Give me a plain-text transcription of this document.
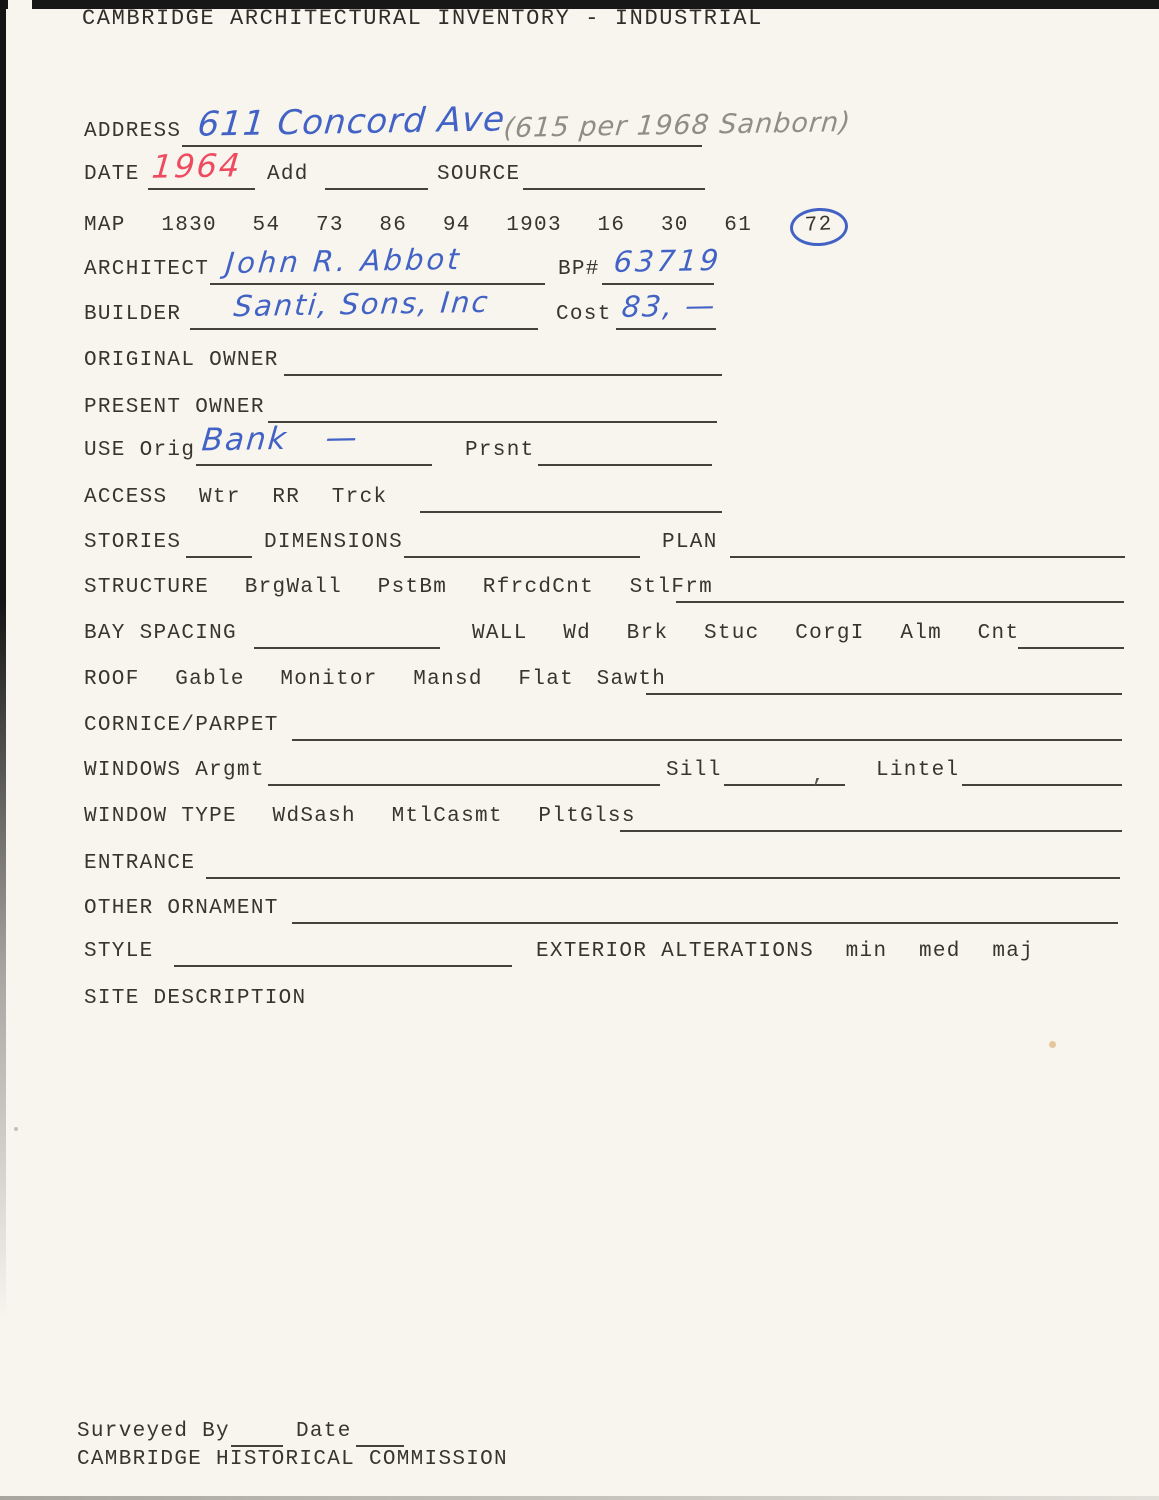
CAMBRIDGE ARCHITECTURAL INVENTORY - INDUSTRIAL
ADDRESS 611 Concord Ave
(615 per 1968 Sanborn)
DATE 1964 Add	SOURCE
MAP 1830 54 73 86 94 1903 16 30 61 72
ARCHITECT John R. Abbot	BP# 63719
BUILDER Santi, Sons, Inc	Cost 83, —
ORIGINAL OWNER
PRESENT OWNER
USE Orig Bank —	Prsnt
ACCESS Wtr RR Trck
STORIES	DIMENSIONS	PLAN
STRUCTURE BrgWall PstBm RfrcdCnt StlFrm
BAY SPACING	WALL Wd Brk Stuc CorgI Alm Cnt
ROOF Gable Monitor Mansd Flat Sawth
CORNICE/PARPET
WINDOWS Argmt	Sill	, Lintel
WINDOW TYPE WdSash MtlCasmt PltGlss
ENTRANCE
OTHER ORNAMENT
STYLE	EXTERIOR ALTERATIONS min med maj
SITE DESCRIPTION
Surveyed By	Date
CAMBRIDGE HISTORICAL COMMISSION
